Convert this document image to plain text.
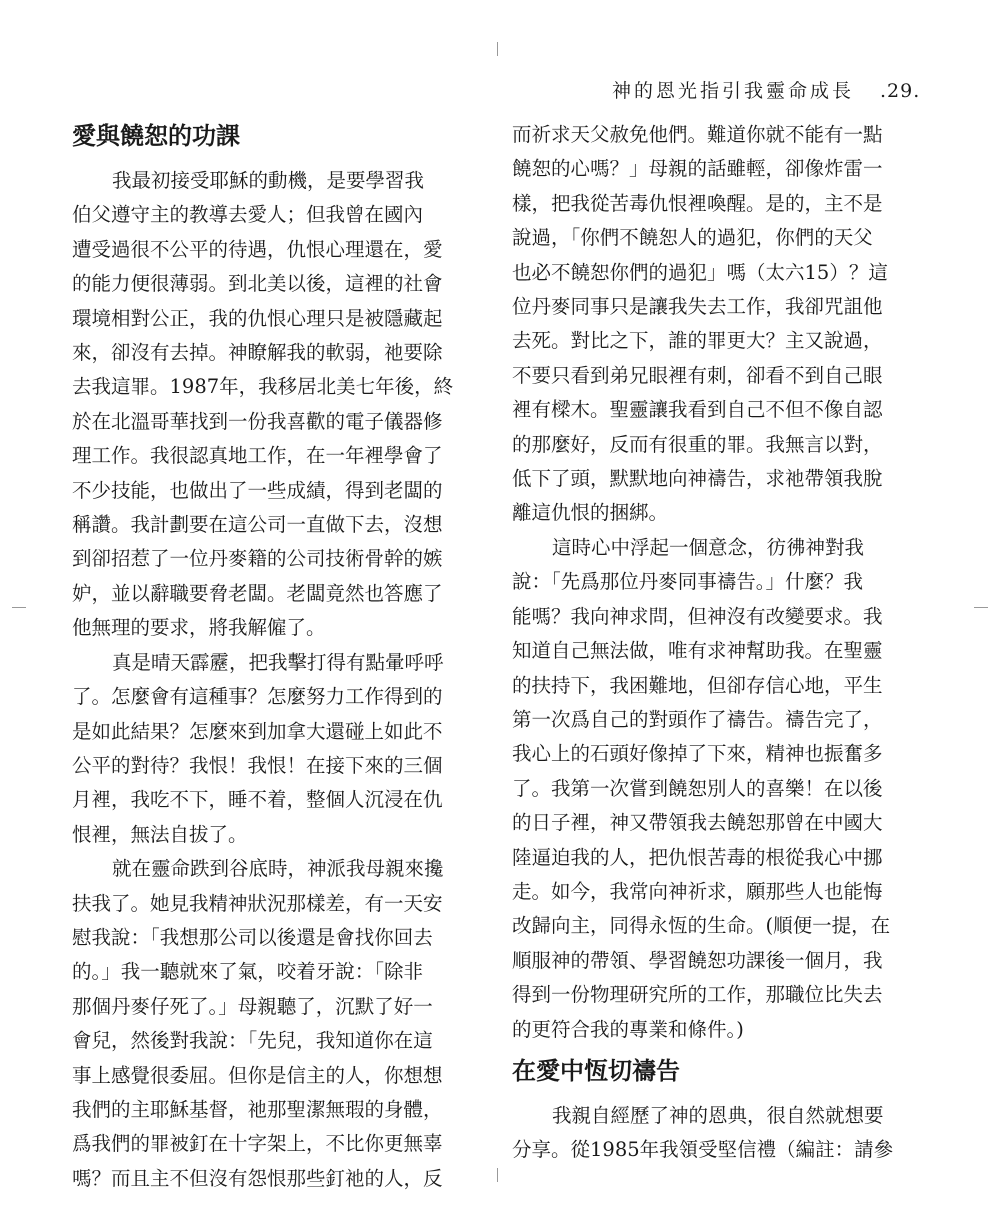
神的恩光指引我靈命成長 .29.
愛與饒恕的功課

我最初接受耶穌的動機，是要學習我

伯父遵守主的教導去愛人；但我曾在國內

遭受過很不公平的待遇，仇恨心理還在，愛

的能力便很薄弱。到北美以後，這裡的社會

環境相對公正，我的仇恨心理只是被隱藏起

來，卻沒有去掉。神瞭解我的軟弱，祂要除

去我這罪。1987年，我移居北美七年後，終

於在北溫哥華找到一份我喜歡的電子儀器修

理工作。我很認真地工作，在一年裡學會了

不少技能，也做出了一些成績，得到老闆的

稱讚。我計劃要在這公司一直做下去，沒想

到卻招惹了一位丹麥籍的公司技術骨幹的嫉

妒，並以辭職要脅老闆。老闆竟然也答應了

他無理的要求，將我解僱了。

真是晴天霹靂，把我擊打得有點暈呼呼

了。怎麼會有這種事？怎麼努力工作得到的

是如此結果？怎麼來到加拿大還碰上如此不

公平的對待？我恨！我恨！在接下來的三個

月裡，我吃不下，睡不着，整個人沉浸在仇

恨裡，無法自拔了。

就在靈命跌到谷底時，神派我母親來攙

扶我了。她見我精神狀況那樣差，有一天安

慰我說：「我想那公司以後還是會找你回去

的。」我一聽就來了氣，咬着牙說：「除非

那個丹麥仔死了。」母親聽了，沉默了好一

會兒，然後對我說：「先兒，我知道你在這

事上感覺很委屈。但你是信主的人，你想想

我們的主耶穌基督，祂那聖潔無瑕的身體，

爲我們的罪被釘在十字架上，不比你更無辜

嗎？而且主不但沒有怨恨那些釘祂的人，反

而祈求天父赦免他們。難道你就不能有一點

饒恕的心嗎？」母親的話雖輕，卻像炸雷一

樣，把我從苦毒仇恨裡喚醒。是的，主不是

說過，「你們不饒恕人的過犯，你們的天父

也必不饒恕你們的過犯」嗎（太六15）？這

位丹麥同事只是讓我失去工作，我卻咒詛他

去死。對比之下，誰的罪更大？主又說過，

不要只看到弟兄眼裡有刺，卻看不到自己眼

裡有樑木。聖靈讓我看到自己不但不像自認

的那麼好，反而有很重的罪。我無言以對，

低下了頭，默默地向神禱告，求祂帶領我脫

離這仇恨的捆綁。

這時心中浮起一個意念，彷彿神對我

說：「先爲那位丹麥同事禱告。」什麼？我

能嗎？我向神求問，但神沒有改變要求。我

知道自己無法做，唯有求神幫助我。在聖靈

的扶持下，我困難地，但卻存信心地，平生

第一次爲自己的對頭作了禱告。禱告完了，

我心上的石頭好像掉了下來，精神也振奮多

了。我第一次嘗到饒恕別人的喜樂！在以後

的日子裡，神又帶領我去饒恕那曾在中國大

陸逼迫我的人，把仇恨苦毒的根從我心中挪

走。如今，我常向神祈求，願那些人也能悔

改歸向主，同得永恆的生命。(順便一提，在

順服神的帶領、學習饒恕功課後一個月，我

得到一份物理研究所的工作，那職位比失去

的更符合我的專業和條件。)

在愛中恆切禱告

我親自經歷了神的恩典，很自然就想要

分享。從1985年我領受堅信禮（編註：請參
